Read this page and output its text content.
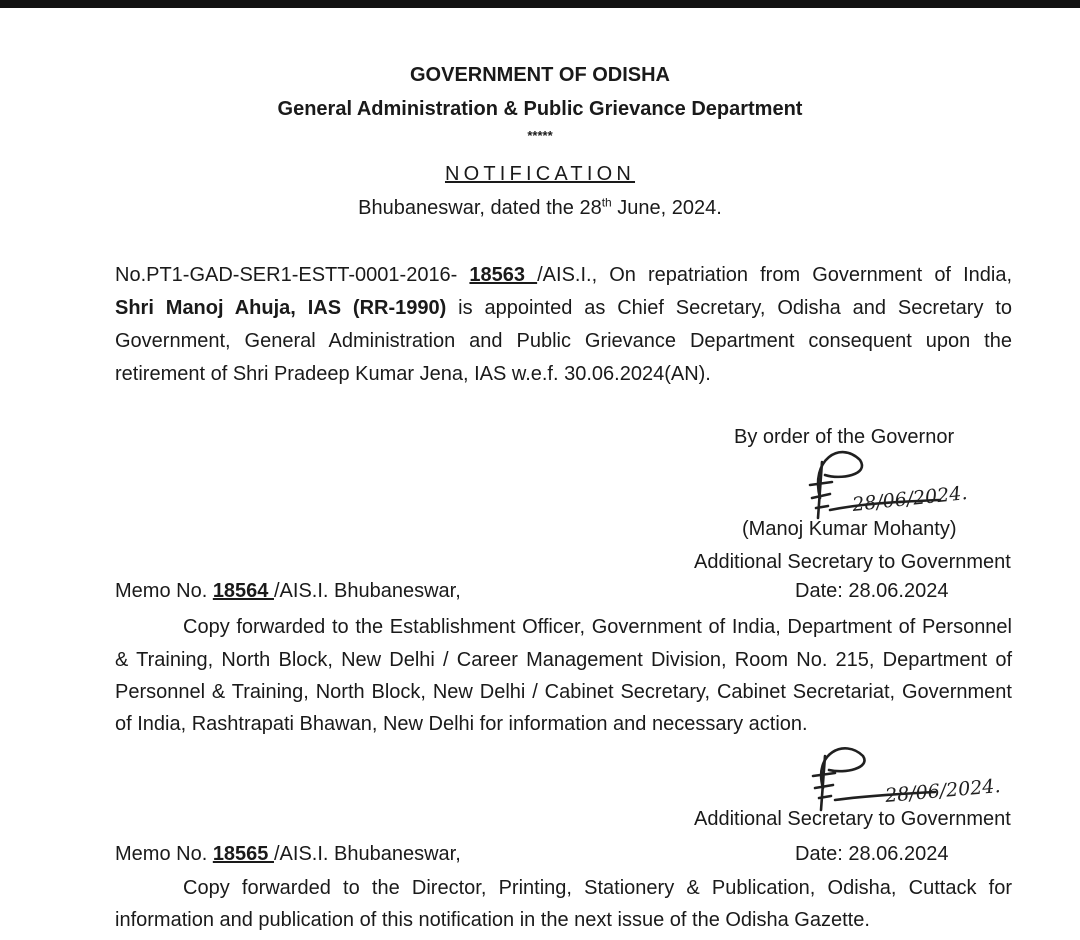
GOVERNMENT OF ODISHA
General Administration & Public Grievance Department
*****
NOTIFICATION
Bhubaneswar, dated the 28th June, 2024.
No.PT1-GAD-SER1-ESTT-0001-2016- 18563 /AIS.I., On repatriation from Government of India,
Shri Manoj Ahuja, IAS (RR-1990) is appointed as Chief Secretary, Odisha and Secretary to
Government, General Administration and Public Grievance Department consequent upon the
retirement of Shri Pradeep Kumar Jena, IAS w.e.f. 30.06.2024(AN).
By order of the Governor
28/06/2024.
(Manoj Kumar Mohanty)
Additional Secretary to Government
Memo No. 18564 /AIS.I. Bhubaneswar,	Date: 28.06.2024
Copy forwarded to the Establishment Officer, Government of India, Department of Personnel
& Training, North Block, New Delhi / Career Management Division, Room No. 215, Department of
Personnel & Training, North Block, New Delhi / Cabinet Secretary, Cabinet Secretariat, Government
of India, Rashtrapati Bhawan, New Delhi for information and necessary action.
28/06/2024.
Additional Secretary to Government
Memo No. 18565 /AIS.I. Bhubaneswar,	Date: 28.06.2024
Copy forwarded to the Director, Printing, Stationery & Publication, Odisha, Cuttack for
information and publication of this notification in the next issue of the Odisha Gazette.
